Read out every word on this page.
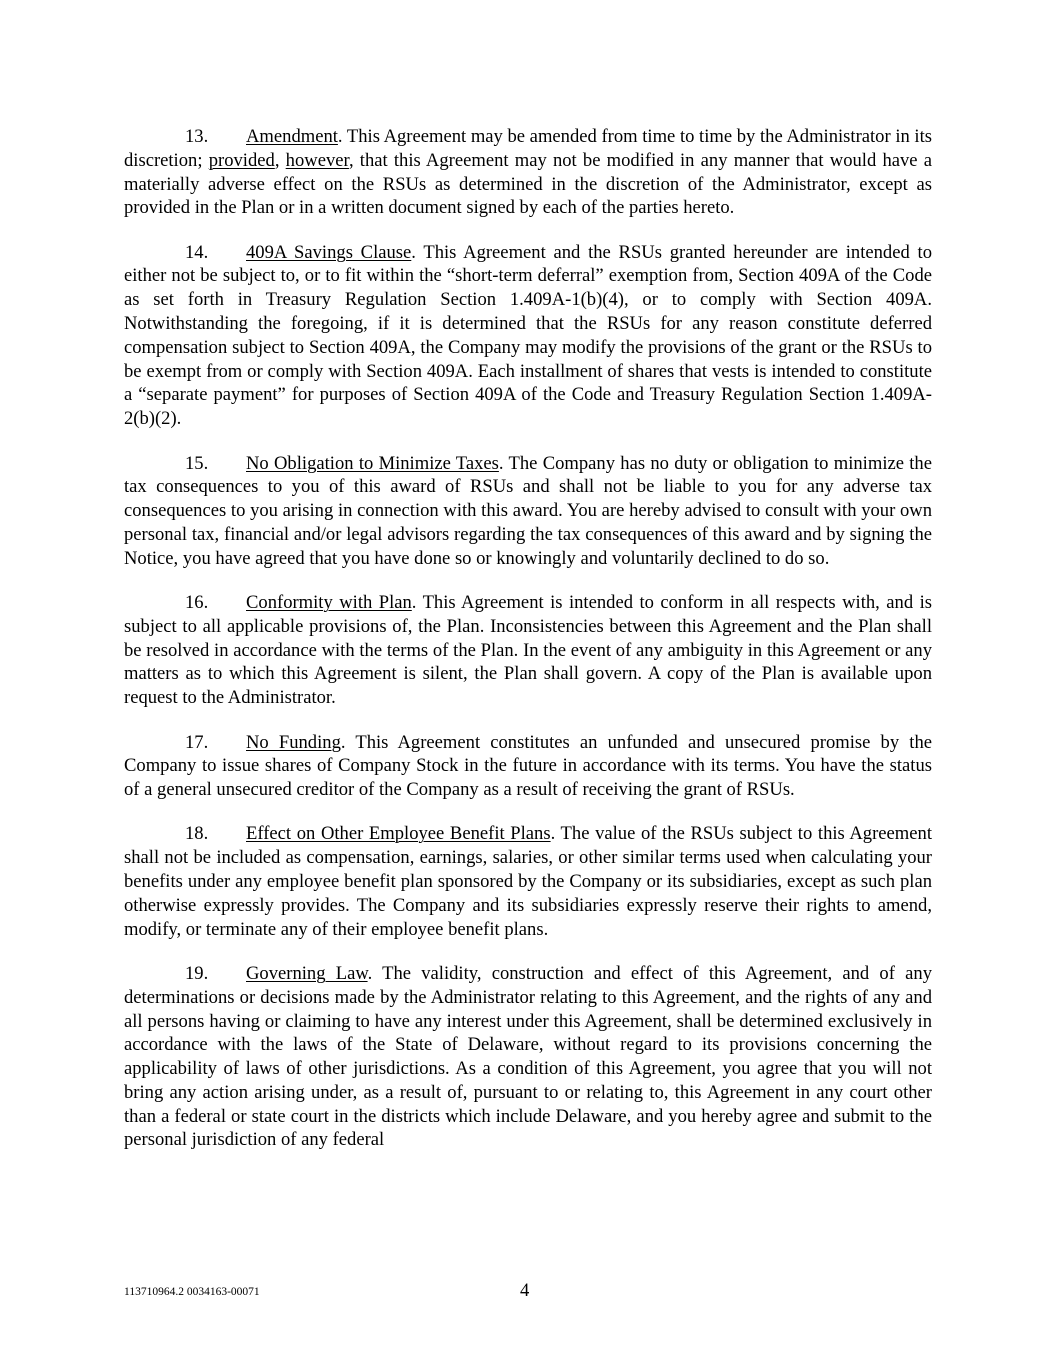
13. Amendment. This Agreement may be amended from time to time by the Administrator in its discretion; provided, however, that this Agreement may not be modified in any manner that would have a materially adverse effect on the RSUs as determined in the discretion of the Administrator, except as provided in the Plan or in a written document signed by each of the parties hereto.

14. 409A Savings Clause. This Agreement and the RSUs granted hereunder are intended to either not be subject to, or to fit within the “short-term deferral” exemption from, Section 409A of the Code as set forth in Treasury Regulation Section 1.409A-1(b)(4), or to comply with Section 409A. Notwithstanding the foregoing, if it is determined that the RSUs for any reason constitute deferred compensation subject to Section 409A, the Company may modify the provisions of the grant or the RSUs to be exempt from or comply with Section 409A. Each installment of shares that vests is intended to constitute a “separate payment” for purposes of Section 409A of the Code and Treasury Regulation Section 1.409A-2(b)(2).

15. No Obligation to Minimize Taxes. The Company has no duty or obligation to minimize the tax consequences to you of this award of RSUs and shall not be liable to you for any adverse tax consequences to you arising in connection with this award. You are hereby advised to consult with your own personal tax, financial and/or legal advisors regarding the tax consequences of this award and by signing the Notice, you have agreed that you have done so or knowingly and voluntarily declined to do so.

16. Conformity with Plan. This Agreement is intended to conform in all respects with, and is subject to all applicable provisions of, the Plan. Inconsistencies between this Agreement and the Plan shall be resolved in accordance with the terms of the Plan. In the event of any ambiguity in this Agreement or any matters as to which this Agreement is silent, the Plan shall govern. A copy of the Plan is available upon request to the Administrator.

17. No Funding. This Agreement constitutes an unfunded and unsecured promise by the Company to issue shares of Company Stock in the future in accordance with its terms. You have the status of a general unsecured creditor of the Company as a result of receiving the grant of RSUs.

18. Effect on Other Employee Benefit Plans. The value of the RSUs subject to this Agreement shall not be included as compensation, earnings, salaries, or other similar terms used when calculating your benefits under any employee benefit plan sponsored by the Company or its subsidiaries, except as such plan otherwise expressly provides. The Company and its subsidiaries expressly reserve their rights to amend, modify, or terminate any of their employee benefit plans.

19. Governing Law. The validity, construction and effect of this Agreement, and of any determinations or decisions made by the Administrator relating to this Agreement, and the rights of any and all persons having or claiming to have any interest under this Agreement, shall be determined exclusively in accordance with the laws of the State of Delaware, without regard to its provisions concerning the applicability of laws of other jurisdictions. As a condition of this Agreement, you agree that you will not bring any action arising under, as a result of, pursuant to or relating to, this Agreement in any court other than a federal or state court in the districts which include Delaware, and you hereby agree and submit to the personal jurisdiction of any federal

113710964.2 0034163-00071	4
